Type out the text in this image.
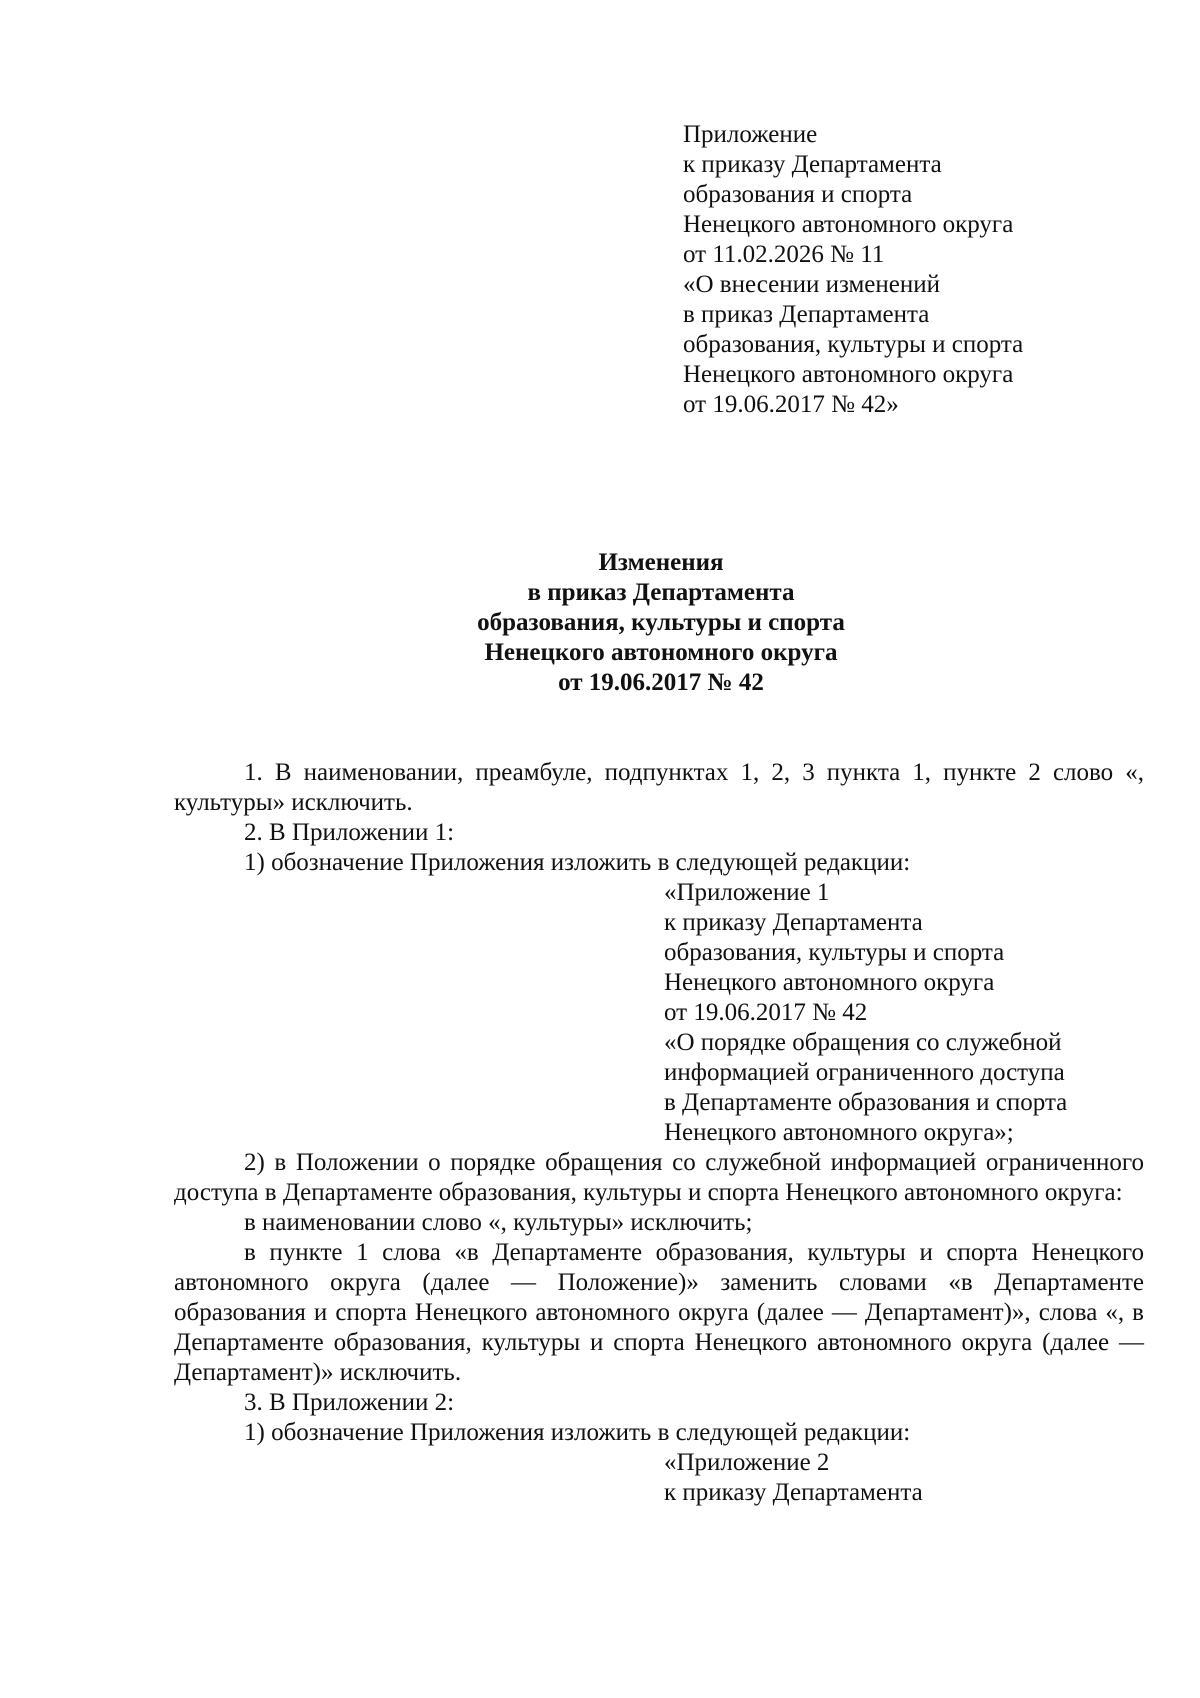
Приложение
к приказу Департамента
образования и спорта
Ненецкого автономного округа
от 11.02.2026 № 11
«О внесении изменений
в приказ Департамента
образования, культуры и спорта
Ненецкого автономного округа
от 19.06.2017 № 42»
Изменения
в приказ Департамента
образования, культуры и спорта
Ненецкого автономного округа
от 19.06.2017 № 42

1. В наименовании, преамбуле, подпунктах 1, 2, 3 пункта 1, пункте 2 слово «, культуры» исключить.

2. В Приложении 1:

1) обозначение Приложения изложить в следующей редакции:

«Приложение 1
к приказу Департамента
образования, культуры и спорта
Ненецкого автономного округа
от 19.06.2017 № 42
«О порядке обращения со служебной
информацией ограниченного доступа
в Департаменте образования и спорта
Ненецкого автономного округа»;

2) в Положении о порядке обращения со служебной информацией ограниченного доступа в Департаменте образования, культуры и спорта Ненецкого автономного округа:

в наименовании слово «, культуры» исключить;

в пункте 1 слова «в Департаменте образования, культуры и спорта Ненецкого автономного округа (далее — Положение)» заменить словами «в Департаменте образования и спорта Ненецкого автономного округа (далее — Департамент)», слова «, в Департаменте образования, культуры и спорта Ненецкого автономного округа (далее — Департамент)» исключить.

3. В Приложении 2:

1) обозначение Приложения изложить в следующей редакции:

«Приложение 2
к приказу Департамента
